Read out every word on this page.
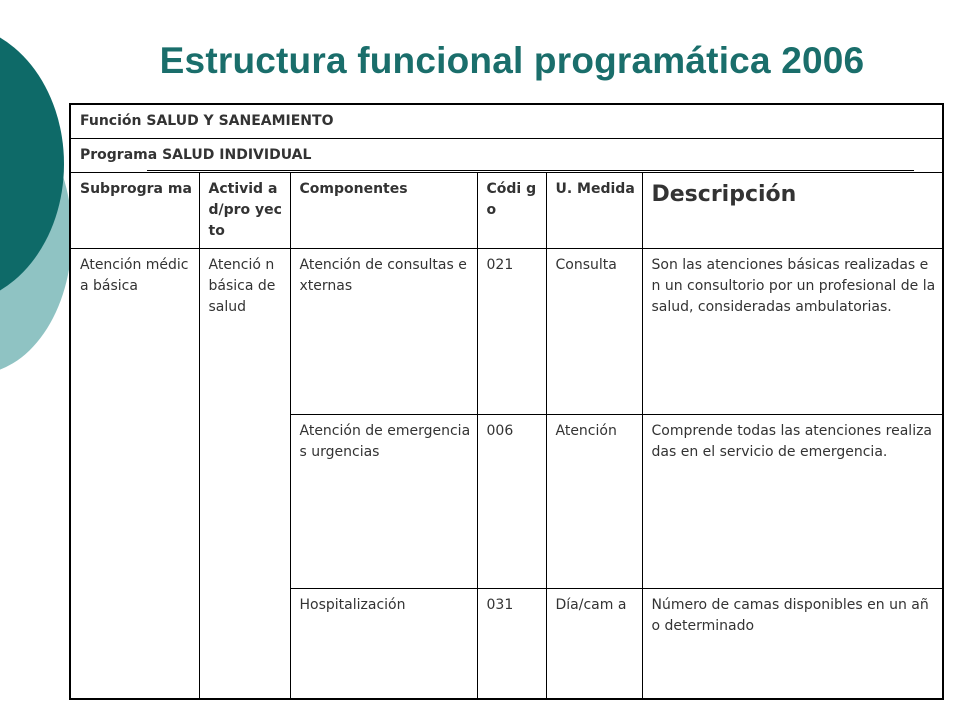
Estructura funcional programática 2006
Función SALUD Y SANEAMIENTO					
Programa SALUD INDIVIDUAL					

Subprogra ma	Activid ad/pro yecto	Componentes	Códi go	U. Medida	Descripción
Atención médica básica	Atenció n básica de salud	Atención de consultas externas	021	Consulta	Son las atenciones básicas realizadas en un consultorio por un profesional de la salud, consideradas ambulatorias.
		Atención de emergencias urgencias	006	Atención	Comprende todas las atenciones realizadas en el servicio de emergencia.
		Hospitalización	031	Día/cam a	Número de camas disponibles en un año determinado
